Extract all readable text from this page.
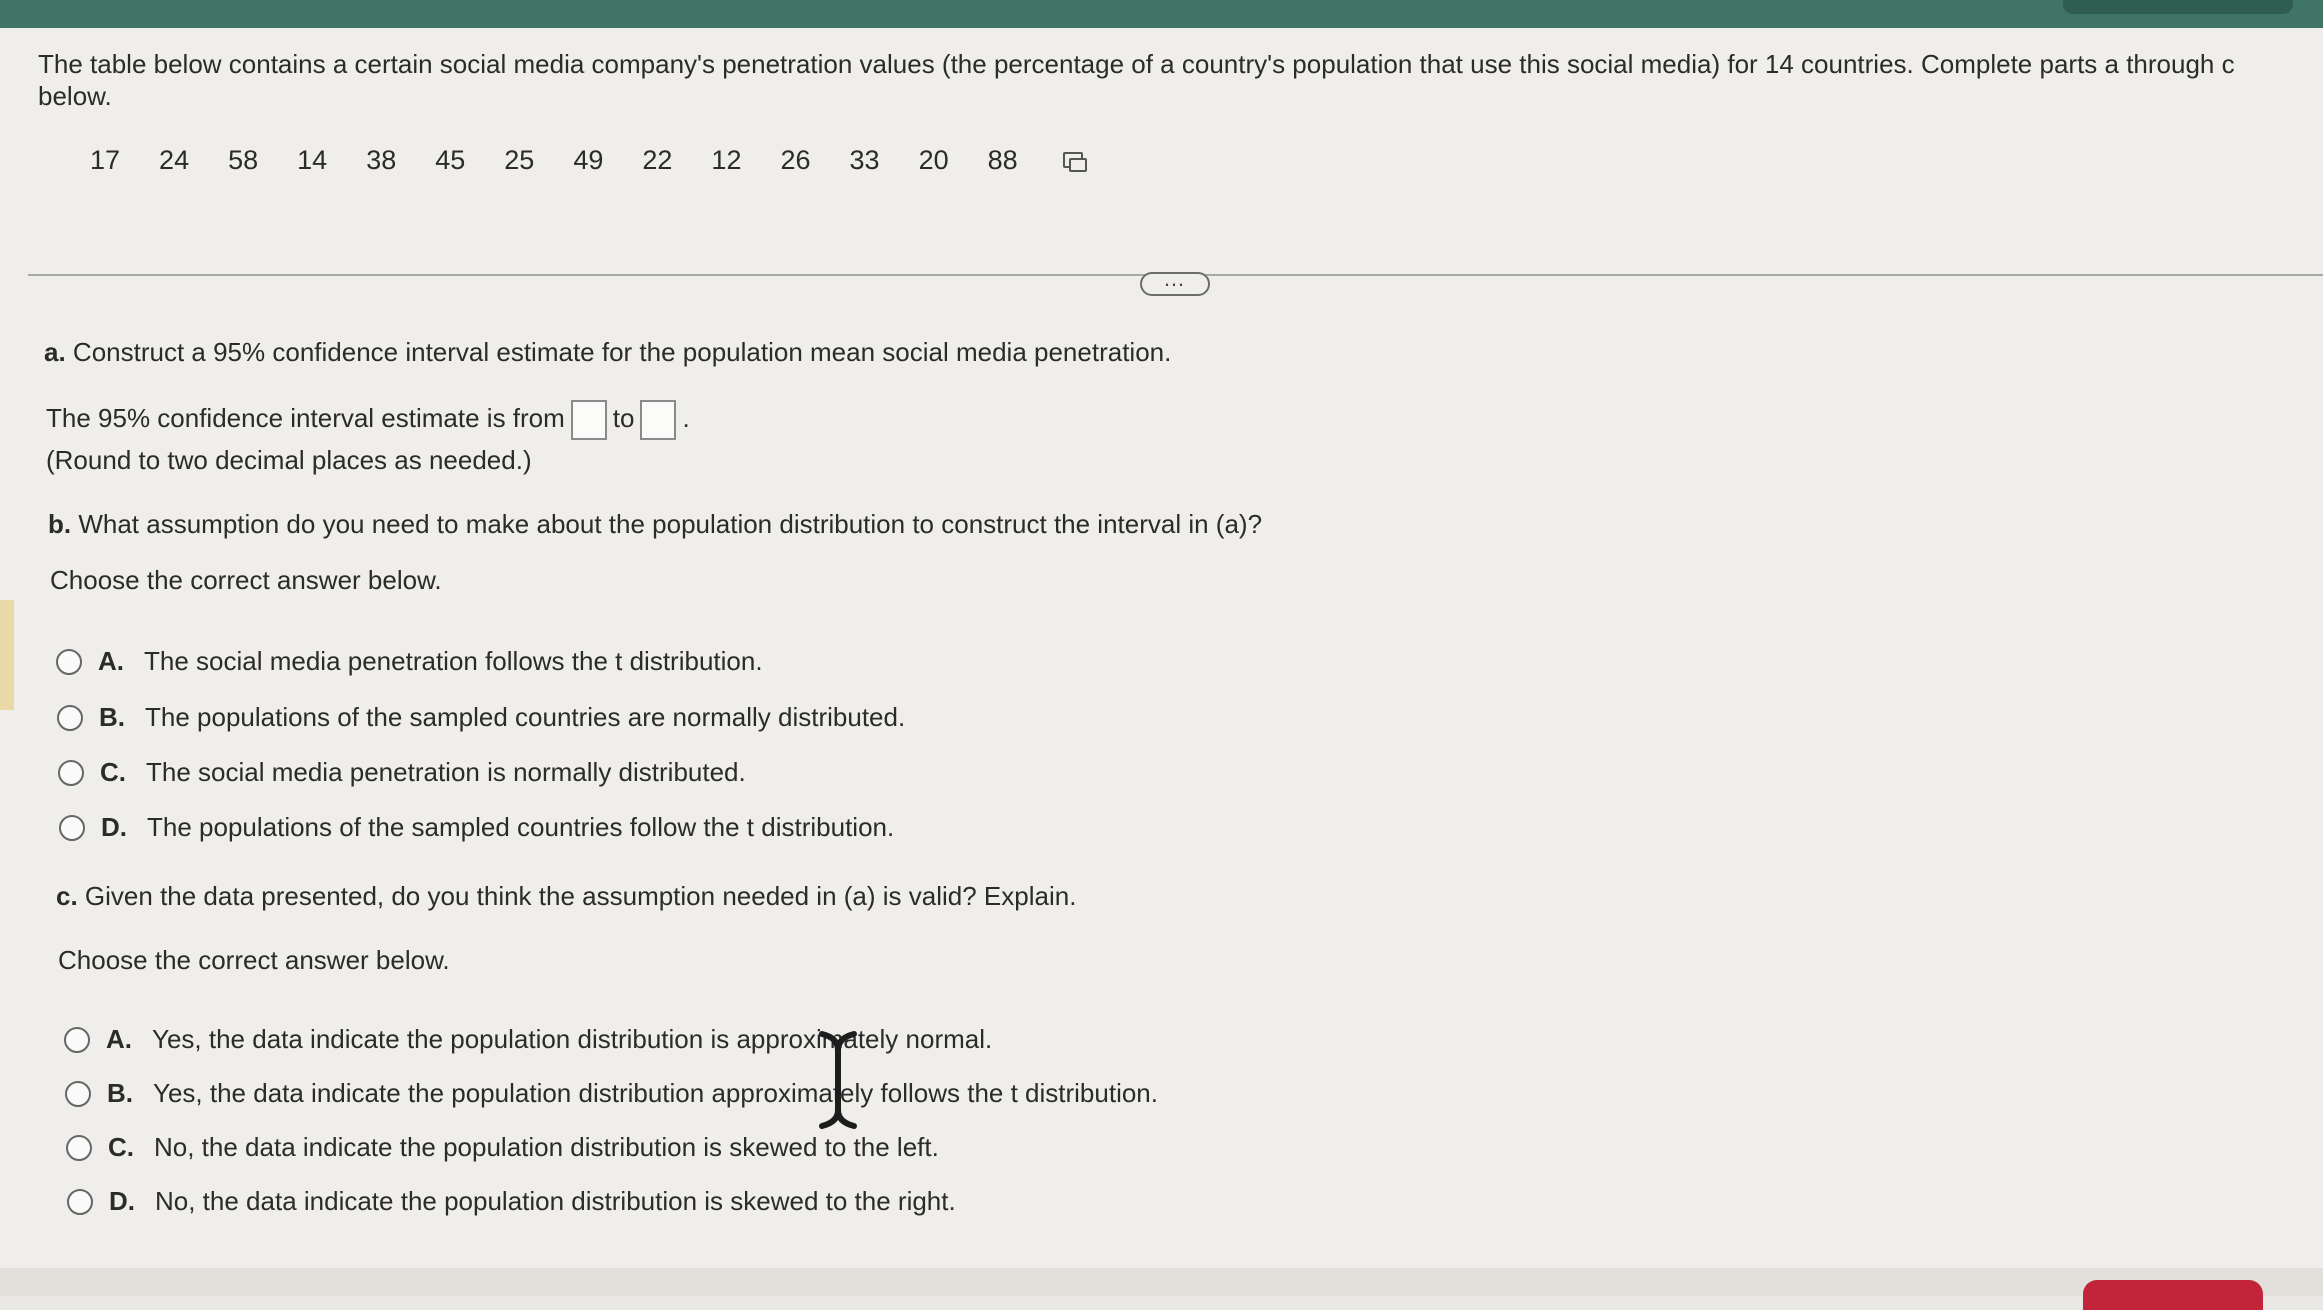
The table below contains a certain social media company's penetration values (the percentage of a country's population that use this social media) for 14 countries. Complete parts a through c below.
17 24 58 14 38 45 25 49 22 12 26 33 20 88
…
a. Construct a 95% confidence interval estimate for the population mean social media penetration.
The 95% confidence interval estimate is from to .
(Round to two decimal places as needed.)
b. What assumption do you need to make about the population distribution to construct the interval in (a)?
Choose the correct answer below.
A. The social media penetration follows the t distribution.
B. The populations of the sampled countries are normally distributed.
C. The social media penetration is normally distributed.
D. The populations of the sampled countries follow the t distribution.
c. Given the data presented, do you think the assumption needed in (a) is valid? Explain.
Choose the correct answer below.
A. Yes, the data indicate the population distribution is approximately normal.
B. Yes, the data indicate the population distribution approximately follows the t distribution.
C. No, the data indicate the population distribution is skewed to the left.
D. No, the data indicate the population distribution is skewed to the right.
